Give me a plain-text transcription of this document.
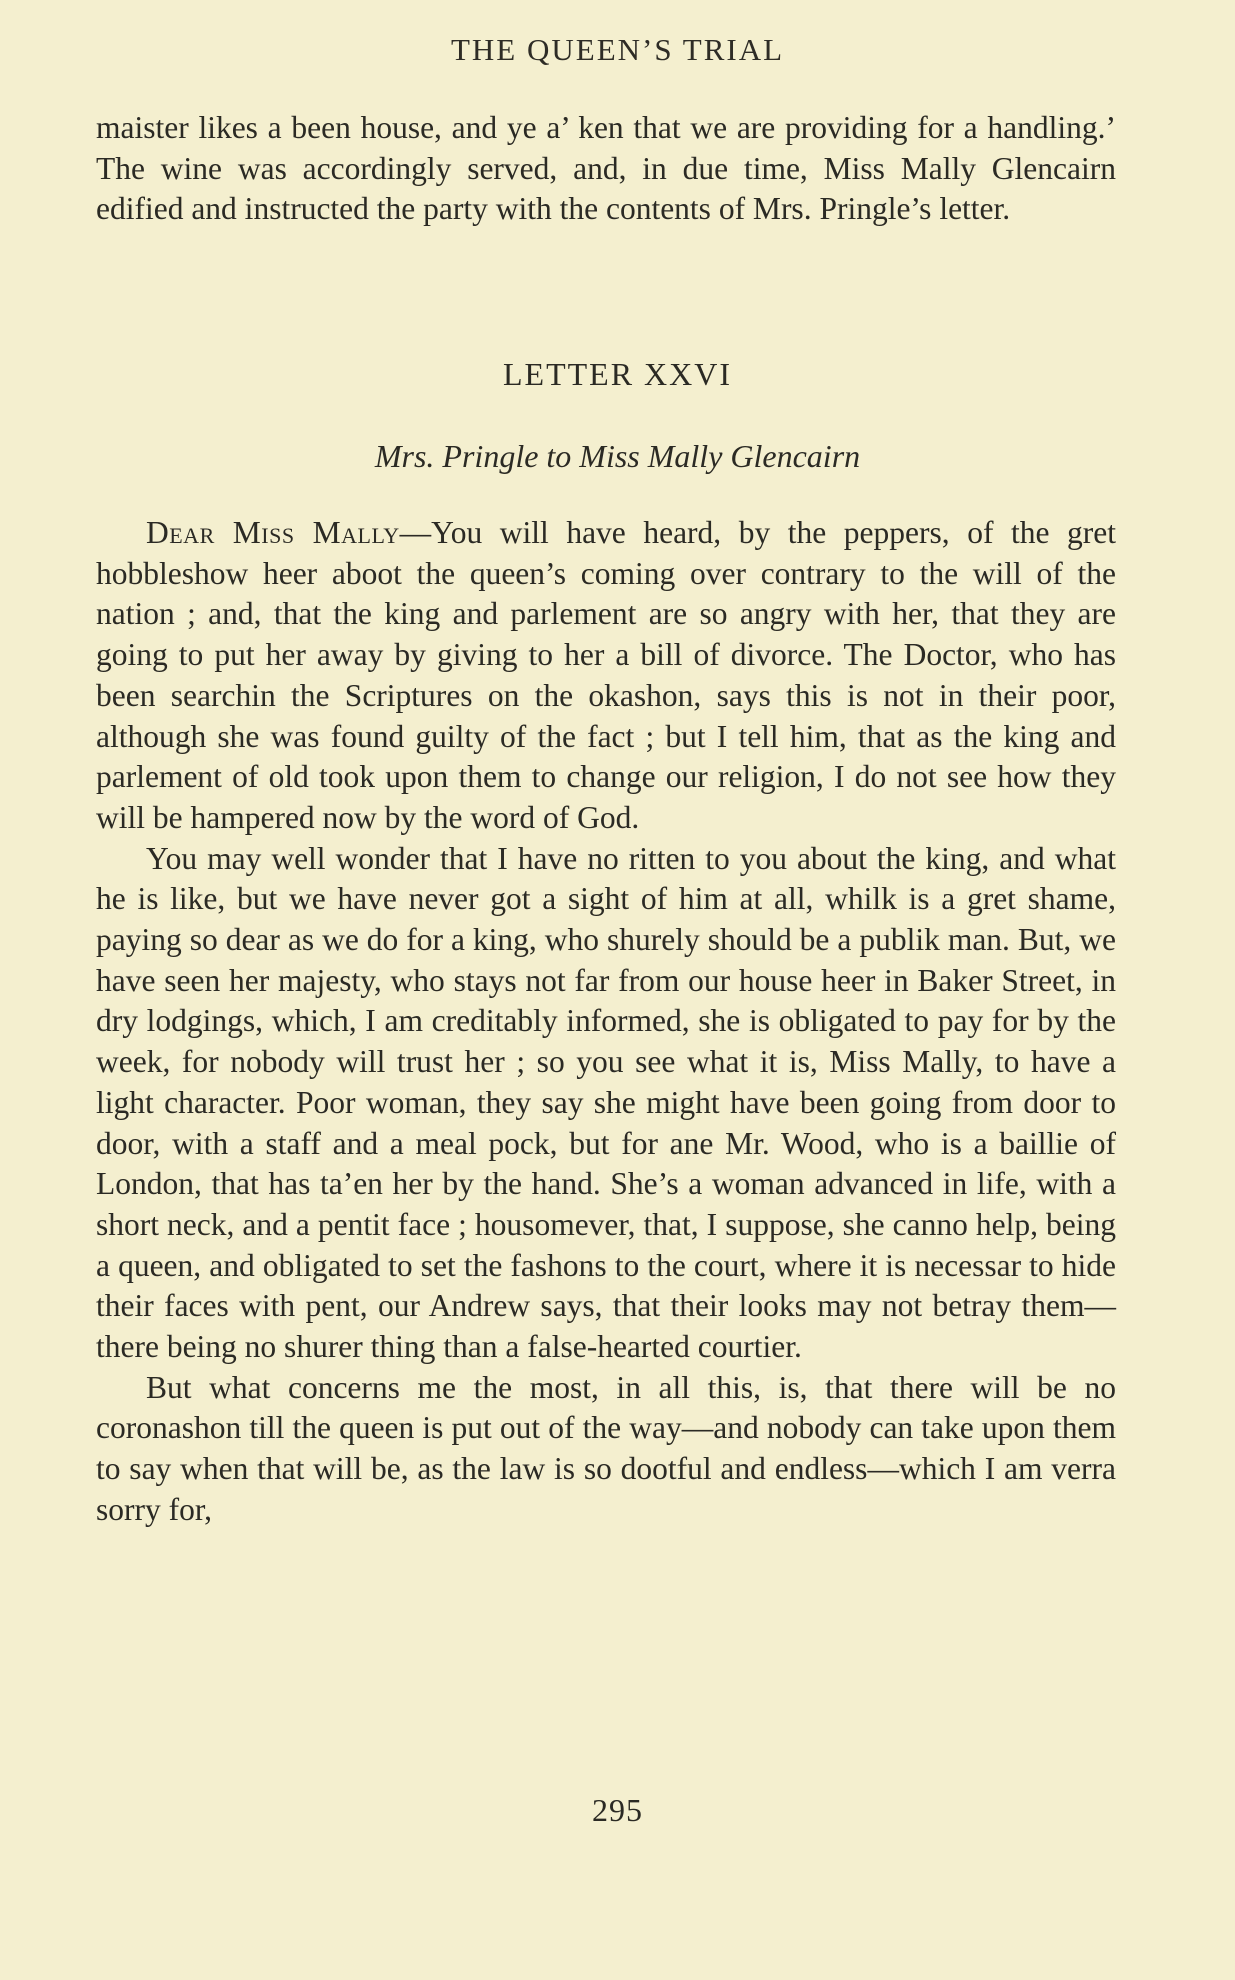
THE QUEEN’S TRIAL

maister likes a been house, and ye a’ ken that we are providing for a handling.’ The wine was accordingly served, and, in due time, Miss Mally Glencairn edified and instructed the party with the contents of Mrs. Pringle’s letter.

LETTER XXVI
Mrs. Pringle to Miss Mally Glencairn

Dear Miss Mally—You will have heard, by the peppers, of the gret hobbleshow heer aboot the queen’s coming over contrary to the will of the nation ; and, that the king and parlement are so angry with her, that they are going to put her away by giving to her a bill of divorce. The Doctor, who has been searchin the Scriptures on the okashon, says this is not in their poor, although she was found guilty of the fact ; but I tell him, that as the king and parlement of old took upon them to change our religion, I do not see how they will be hampered now by the word of God.

You may well wonder that I have no ritten to you about the king, and what he is like, but we have never got a sight of him at all, whilk is a gret shame, paying so dear as we do for a king, who shurely should be a publik man. But, we have seen her majesty, who stays not far from our house heer in Baker Street, in dry lodgings, which, I am creditably informed, she is obligated to pay for by the week, for nobody will trust her ; so you see what it is, Miss Mally, to have a light character. Poor woman, they say she might have been going from door to door, with a staff and a meal pock, but for ane Mr. Wood, who is a baillie of London, that has ta’en her by the hand. She’s a woman advanced in life, with a short neck, and a pentit face ; housomever, that, I suppose, she canno help, being a queen, and obligated to set the fashons to the court, where it is necessar to hide their faces with pent, our Andrew says, that their looks may not betray them—there being no shurer thing than a false-hearted courtier.

But what concerns me the most, in all this, is, that there will be no coronashon till the queen is put out of the way—and nobody can take upon them to say when that will be, as the law is so dootful and endless—which I am verra sorry for,

295
